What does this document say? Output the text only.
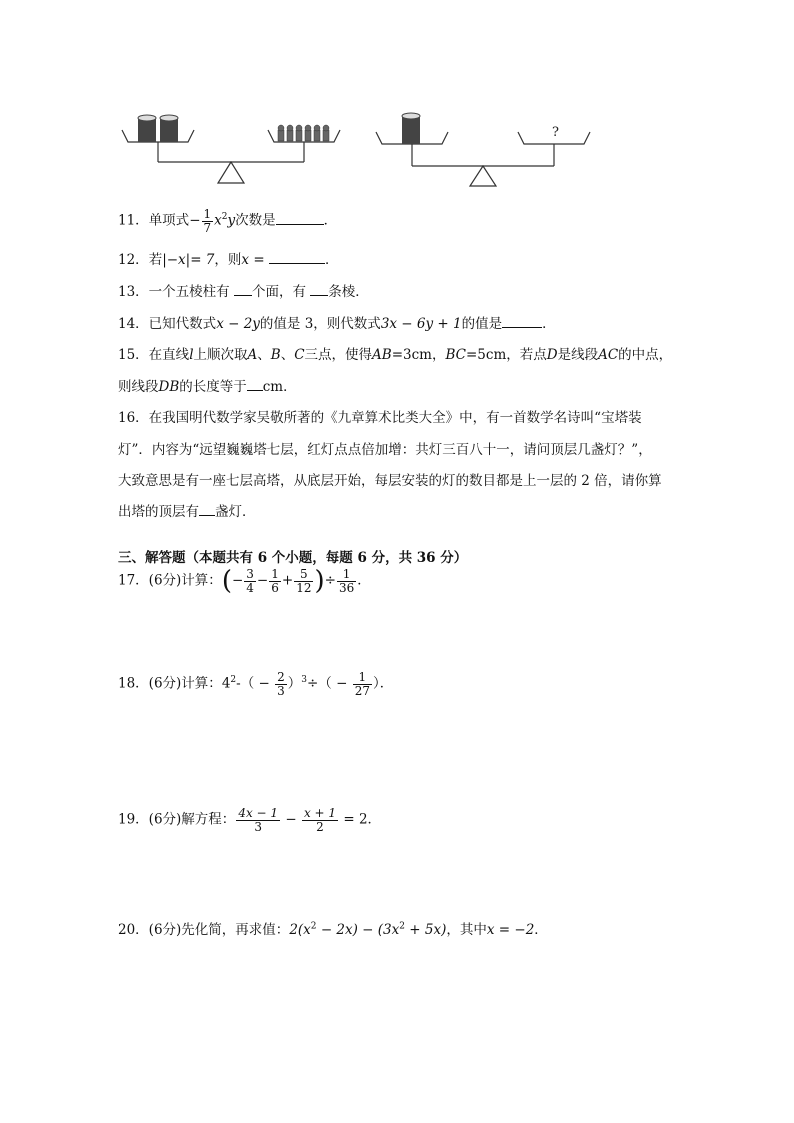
?
11．单项式− $\frac{1}{7} x^2y$次数是	．
12．若|−x|= 7，则x =	．
13．一个五棱柱有 个面，有 条棱．
14．已知代数式x − 2y的值是 3，则代数式3x − 6y + 1的值是	．
15．在直线l上顺次取A、B、C三点，使得AB=3cm，BC=5cm，若点D是线段AC的中点，
则线段DB的长度等于 cm．
16．在我国明代数学家吴敬所著的《九章算术比类大全》中，有一首数学名诗叫“宝塔装
灯”．内容为“远望巍巍塔七层，红灯点点倍加增：共灯三百八十一，请问顶层几盏灯？”，
大致意思是有一座七层高塔，从底层开始，每层安装的灯的数目都是上一层的 2 倍，请你算
出塔的顶层有 盏灯．
三、解答题（本题共有 6 个小题，每题 6 分，共 36 分）
17．(6分)计算：(− $\frac{3}{4} - \frac{1}{6} + \frac{5}{12}$ )÷ $\frac{1}{36}$ ．
18．(6分)计算：$4^2-( - \frac{2}{3} )^3\div( - \frac{1}{27}$ ）．
19．(6分)解方程： $\frac{4x - 1}{3} - \frac{x + 1}{2} = 2$．
20．(6分)先化简，再求值：$2(x^2 - 2x) - (3x^2 + 5x)$，其中x = −2．
